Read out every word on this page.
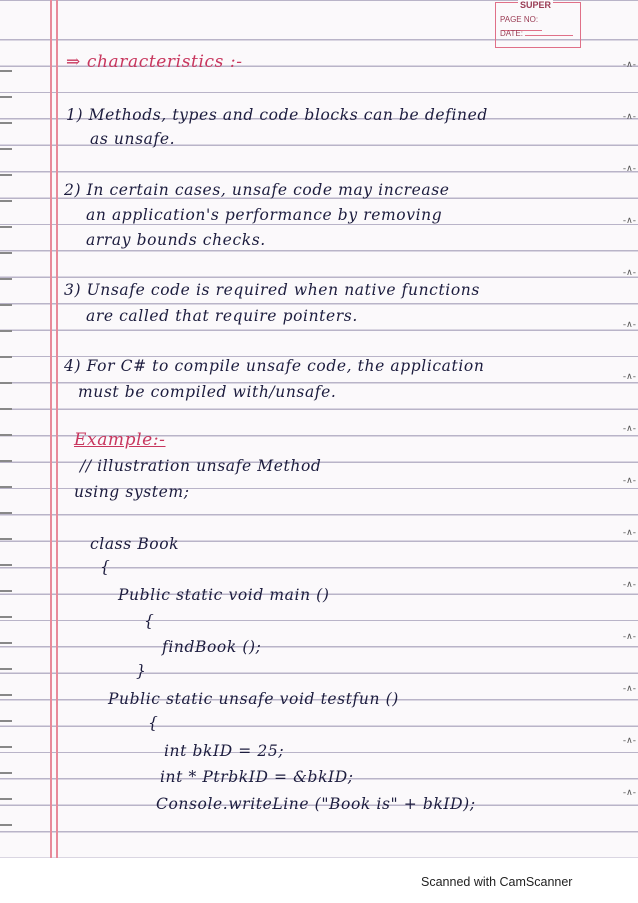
-∧-
-∧-
-∧-
-∧-
-∧-
-∧-
-∧-
-∧-
-∧-
-∧-
-∧-
-∧-
-∧-
-∧-
-∧-
SUPER
PAGE NO:
DATE:
⇒ characteristics :-
1) Methods, types and code blocks can be defined
as unsafe.
2) In certain cases, unsafe code may increase
an application's performance by removing
array bounds checks.
3) Unsafe code is required when native functions
are called that require pointers.
4) For C# to compile unsafe code, the application
must be compiled with/unsafe.
Example:-
// illustration unsafe Method
using system;
class Book
{
Public static void main ()
{
findBook ();
}
Public static unsafe void testfun ()
{
int bkID = 25;
int * PtrbkID = &bkID;
Console.writeLine ("Book is" + bkID);
Scanned with CamScanner
